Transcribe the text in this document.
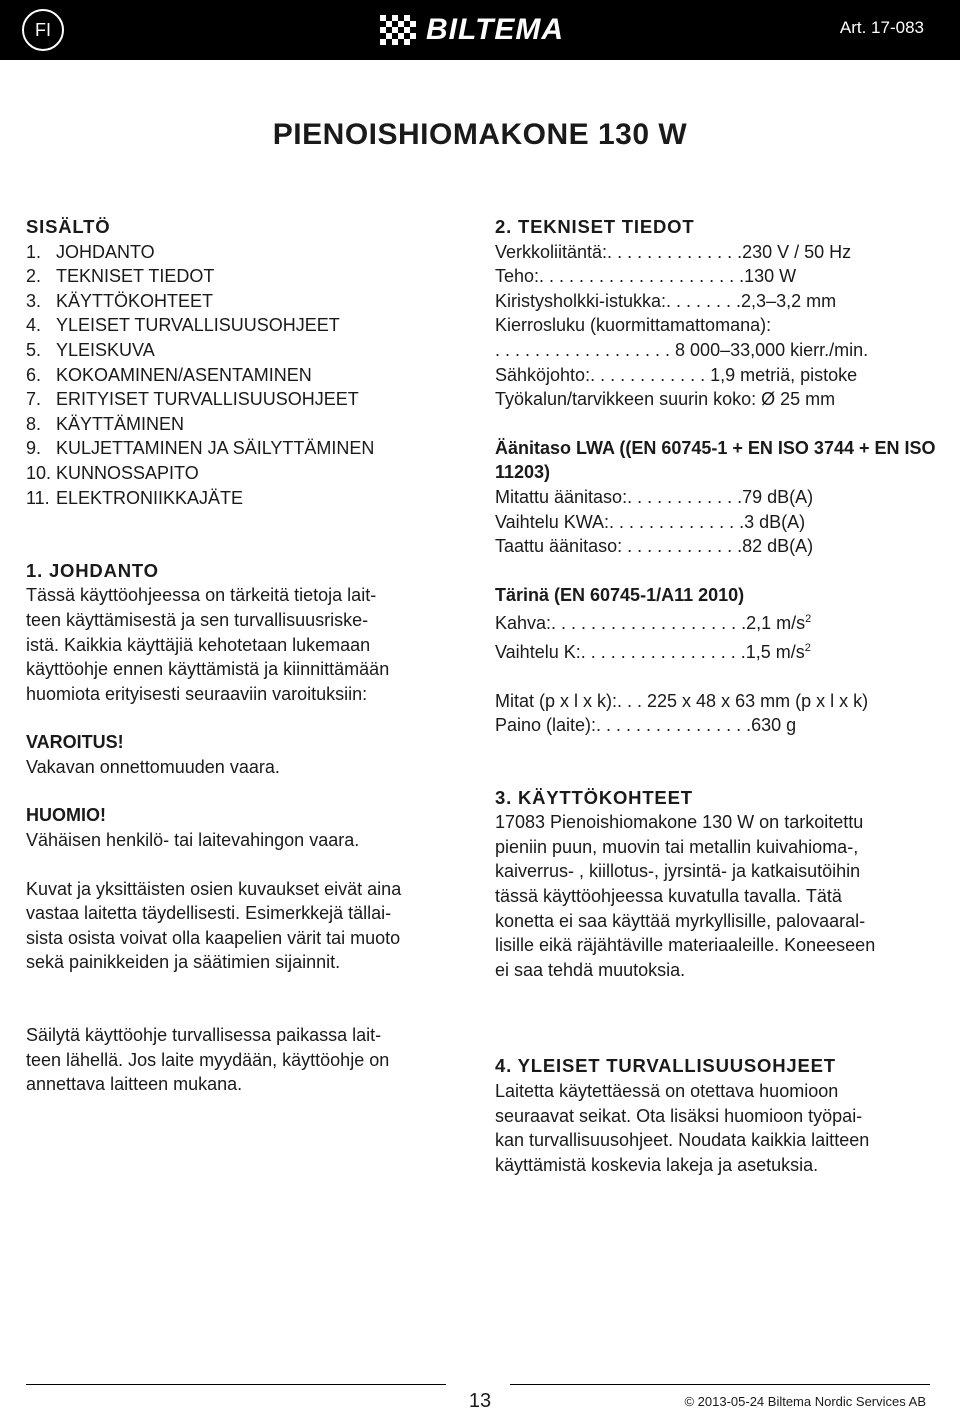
FI	BILTEMA	Art. 17-083
PIENOISHIOMAKONE 130 W
SISÄLTÖ
1. JOHDANTO
2. TEKNISET TIEDOT
3. KÄYTTÖKOHTEET
4. YLEISET TURVALLISUUSOHJEET
5. YLEISKUVA
6. KOKOAMINEN/ASENTAMINEN
7. ERITYISET TURVALLISUUSOHJEET
8. KÄYTTÄMINEN
9. KULJETTAMINEN JA SÄILYTTÄMINEN
10. KUNNOSSAPITO
11. ELEKTRONIIKKAJÄTE
1. JOHDANTO
Tässä käyttöohjeessa on tärkeitä tietoja lait-
teen käyttämisestä ja sen turvallisuusriske-
istä. Kaikkia käyttäjiä kehotetaan lukemaan
käyttöohje ennen käyttämistä ja kiinnittämään
huomiota erityisesti seuraaviin varoituksiin:
VAROITUS!

Vakavan onnettomuuden vaara.

HUOMIO!

Vähäisen henkilö- tai laitevahingon vaara.

Kuvat ja yksittäisten osien kuvaukset eivät aina
vastaa laitetta täydellisesti. Esimerkkejä tällai-
sista osista voivat olla kaapelien värit tai muoto
sekä painikkeiden ja säätimien sijainnit.
Säilytä käyttöohje turvallisessa paikassa lait-
teen lähellä. Jos laite myydään, käyttöohje on
annettava laitteen mukana.
2. TEKNISET TIEDOT
Verkkoliitäntä:. . . . . . . . . . . . . .230 V / 50 Hz
Teho:. . . . . . . . . . . . . . . . . . . . .130 W
Kiristysholkki-istukka:. . . . . . . .2,3–3,2 mm
Kierrosluku (kuormittamattomana):
. . . . . . . . . . . . . . . . . . 8 000–33,000 kierr./min.
Sähköjohto:. . . . . . . . . . . . 1,9 metriä, pistoke
Työkalun/tarvikkeen suurin koko: Ø 25 mm
Äänitaso LWA ((EN 60745-1 + EN ISO 3744 + EN ISO 11203)
Mitattu äänitaso:. . . . . . . . . . . .79 dB(A)
Vaihtelu KWA:. . . . . . . . . . . . . .3 dB(A)
Taattu äänitaso: . . . . . . . . . . . .82 dB(A)
Tärinä (EN 60745-1/A11 2010)
Kahva:. . . . . . . . . . . . . . . . . . . .2,1 $m/s^2$
Vaihtelu K:. . . . . . . . . . . . . . . . .1,5 $m/s^2$
Mitat (p x l x k):. . . 225 x 48 x 63 mm (p x l x k)
Paino (laite):. . . . . . . . . . . . . . . .630 g
3. KÄYTTÖKOHTEET
17083 Pienoishiomakone 130 W on tarkoitettu
pieniin puun, muovin tai metallin kuivahioma-,
kaiverrus- , kiillotus-, jyrsintä- ja katkaisutöihin
tässä käyttöohjeessa kuvatulla tavalla. Tätä
konetta ei saa käyttää myrkyllisille, palovaaral-
lisille eikä räjähtäville materiaaleille. Koneeseen
ei saa tehdä muutoksia.
4. YLEISET TURVALLISUUSOHJEET
Laitetta käytettäessä on otettava huomioon
seuraavat seikat. Ota lisäksi huomioon työpai-
kan turvallisuusohjeet. Noudata kaikkia laitteen
käyttämistä koskevia lakeja ja asetuksia.
13	© 2013-05-24 Biltema Nordic Services AB
